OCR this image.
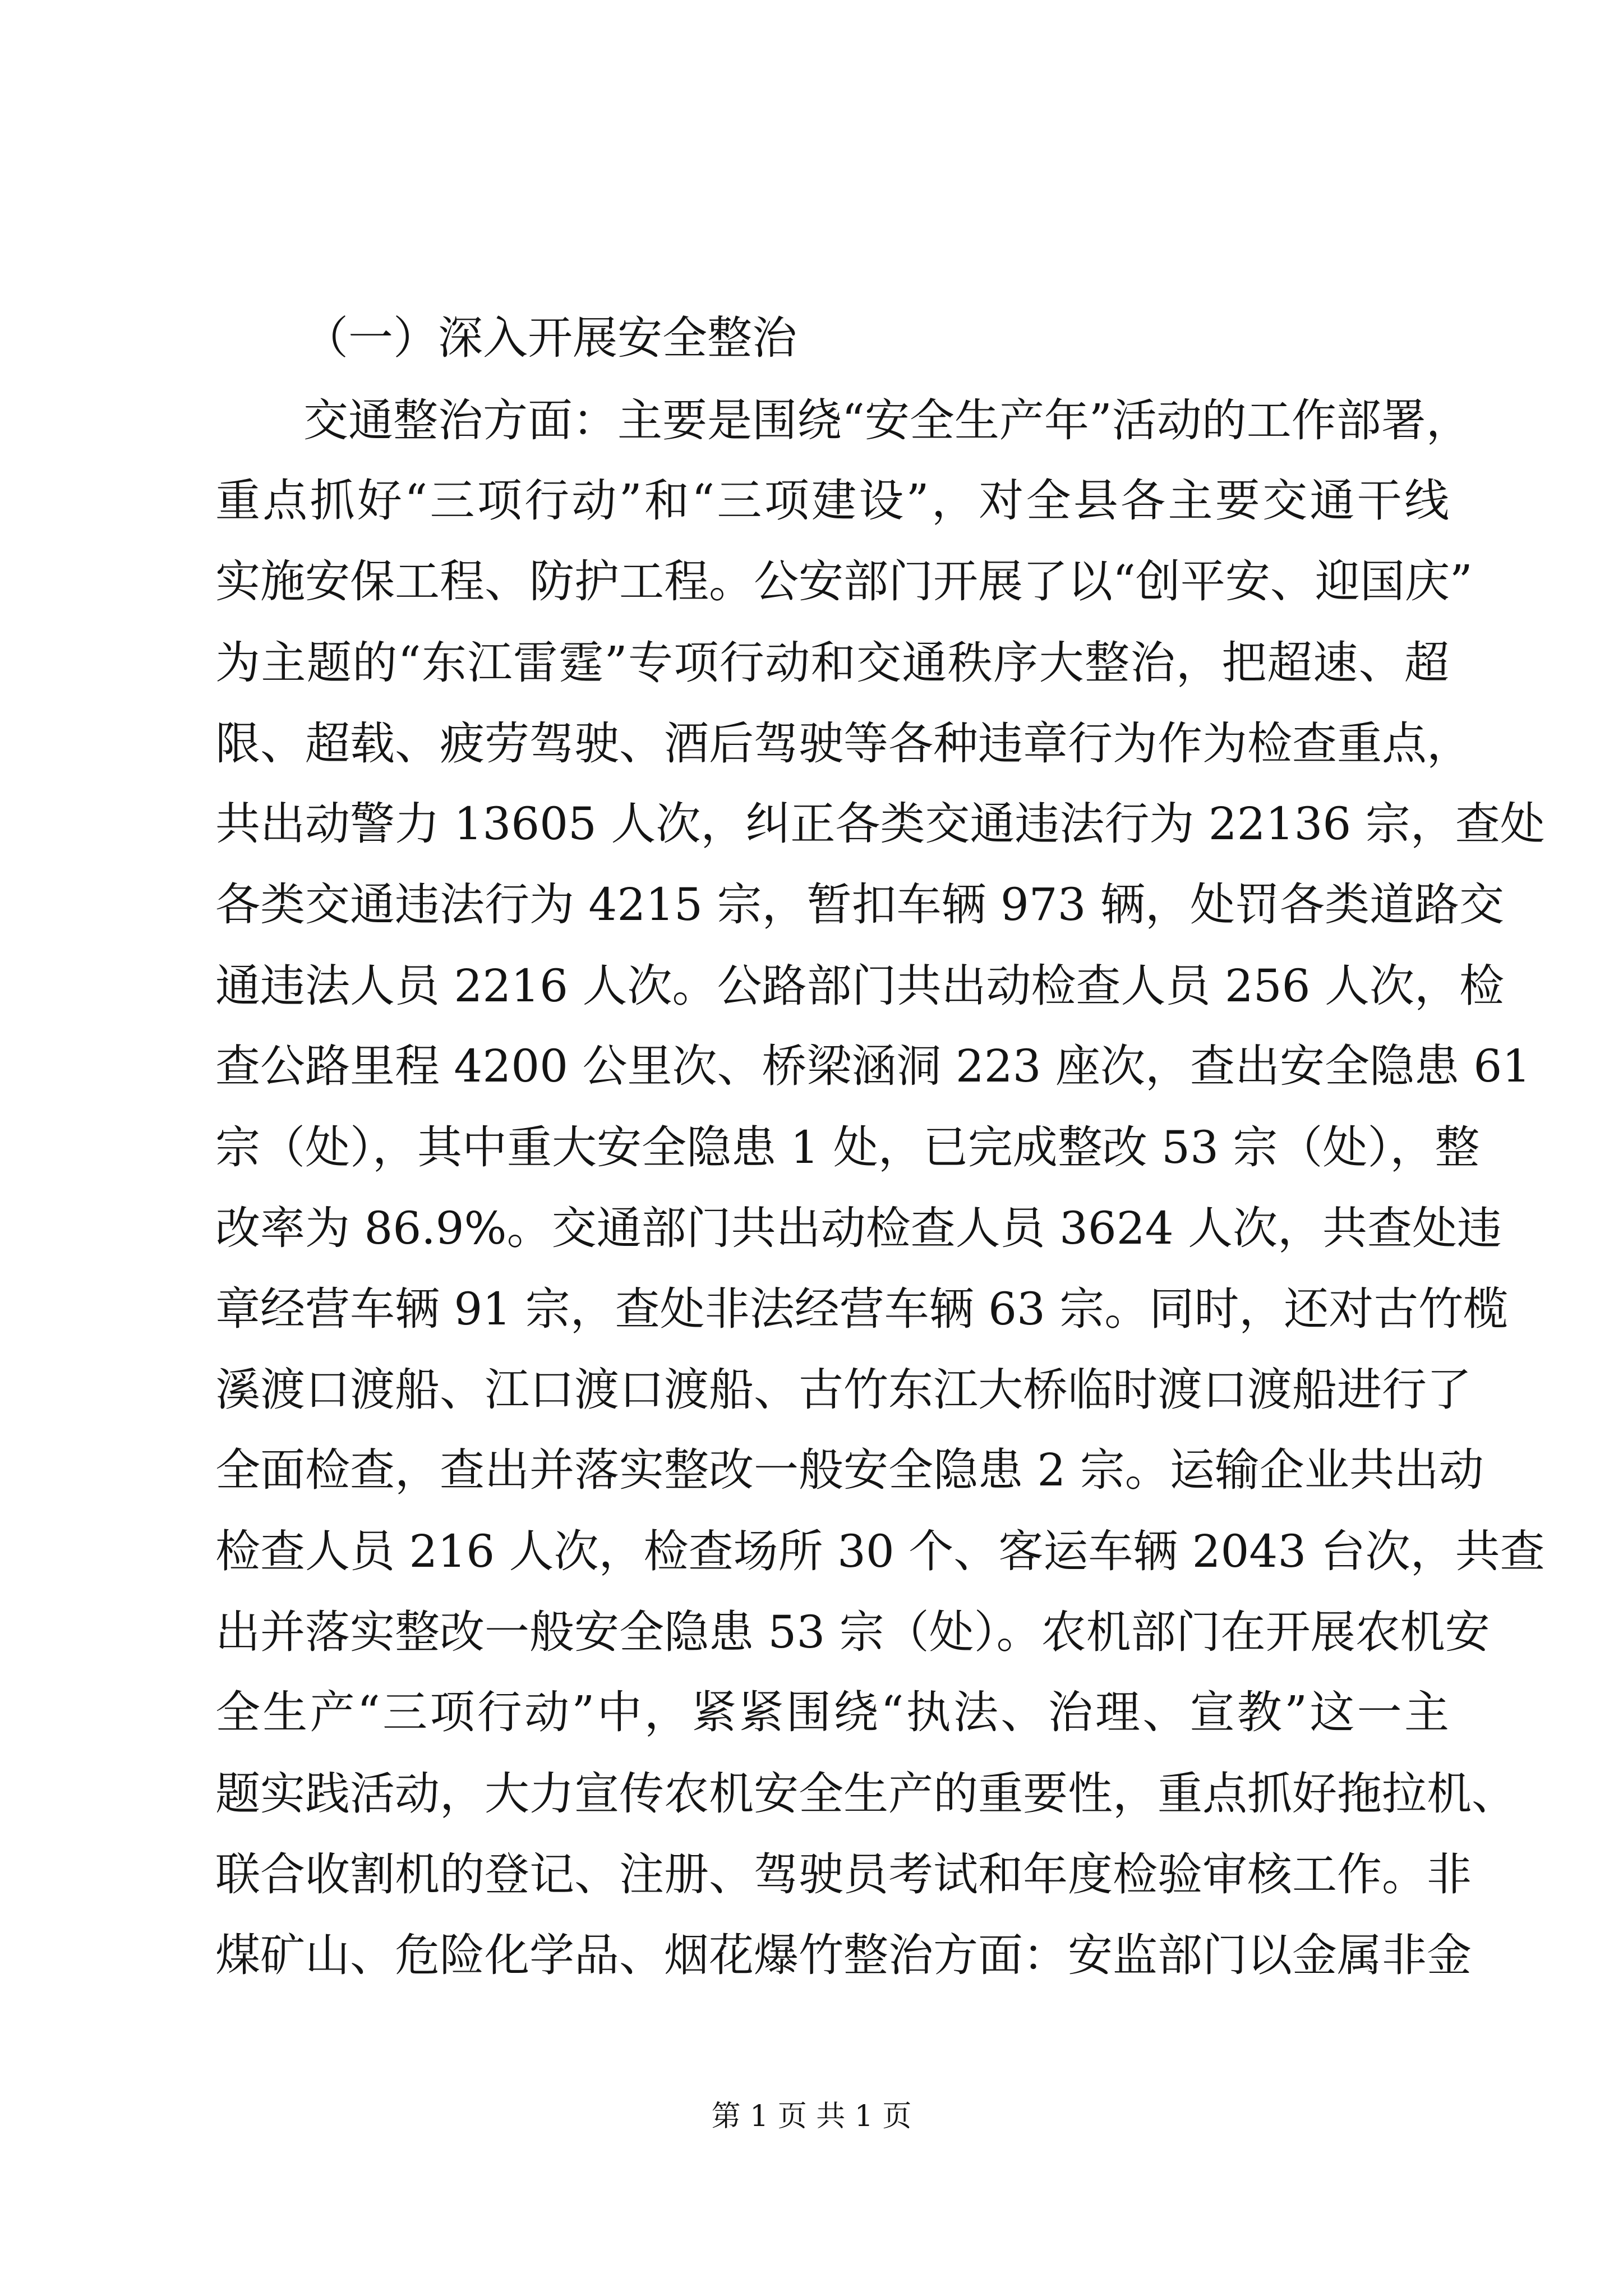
（一）深入开展安全整治
交通整治方面：主要是围绕“安全生产年”活动的工作部署，
重点抓好“三项行动”和“三项建设”，对全县各主要交通干线
实施安保工程、防护工程。公安部门开展了以“创平安、迎国庆”
为主题的“东江雷霆”专项行动和交通秩序大整治，把超速、超
限、超载、疲劳驾驶、酒后驾驶等各种违章行为作为检查重点，
共出动警力 13605 人次，纠正各类交通违法行为 22136 宗，查处
各类交通违法行为 4215 宗，暂扣车辆 973 辆，处罚各类道路交
通违法人员 2216 人次。公路部门共出动检查人员 256 人次，检
查公路里程 4200 公里次、桥梁涵洞 223 座次，查出安全隐患 61
宗（处），其中重大安全隐患 1 处，已完成整改 53 宗（处），整
改率为 86.9%。交通部门共出动检查人员 3624 人次，共查处违
章经营车辆 91 宗，查处非法经营车辆 63 宗。同时，还对古竹榄
溪渡口渡船、江口渡口渡船、古竹东江大桥临时渡口渡船进行了
全面检查，查出并落实整改一般安全隐患 2 宗。运输企业共出动
检查人员 216 人次，检查场所 30 个、客运车辆 2043 台次，共查
出并落实整改一般安全隐患 53 宗（处）。农机部门在开展农机安
全生产“三项行动”中，紧紧围绕“执法、治理、宣教”这一主
题实践活动，大力宣传农机安全生产的重要性，重点抓好拖拉机、
联合收割机的登记、注册、驾驶员考试和年度检验审核工作。非
煤矿山、危险化学品、烟花爆竹整治方面：安监部门以金属非金
第 1 页 共 1 页
